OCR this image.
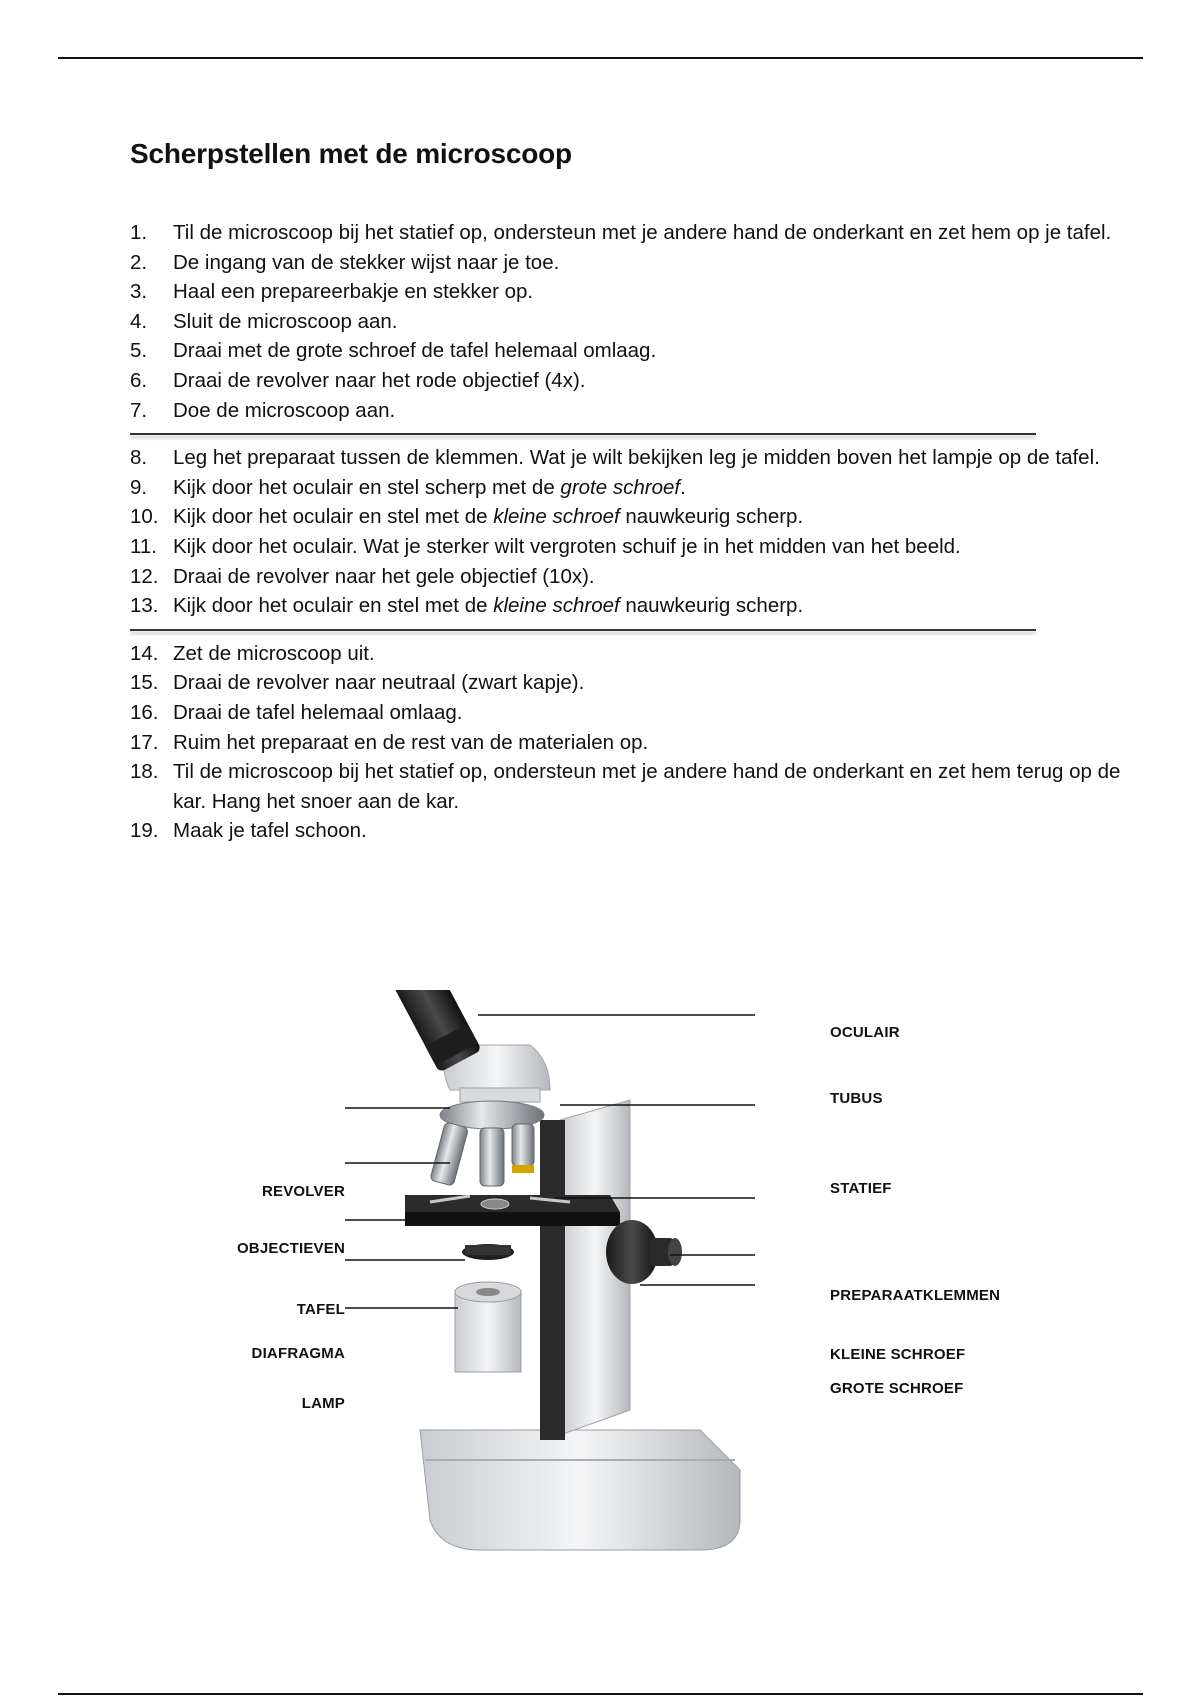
Scherpstellen met de microscoop
1.	Til de microscoop bij het statief op, ondersteun met je andere hand de onderkant en zet hem op je tafel.
2.	De ingang van de stekker wijst naar je toe.
3.	Haal een prepareerbakje en stekker op.
4.	Sluit de microscoop aan.
5.	Draai met de grote schroef de tafel helemaal omlaag.
6.	Draai de revolver naar het rode objectief (4x).
7.	Doe de microscoop aan.
8.	Leg het preparaat tussen de klemmen. Wat je wilt bekijken leg je midden boven het lampje op de tafel.
9.	Kijk door het oculair en stel scherp met de grote schroef.
10. Kijk door het oculair en stel met de kleine schroef nauwkeurig scherp.
11. Kijk door het oculair. Wat je sterker wilt vergroten schuif je in het midden van het beeld.
12. Draai de revolver naar het gele objectief (10x).
13. Kijk door het oculair en stel met de kleine schroef nauwkeurig scherp.
14. Zet de microscoop uit.
15. Draai de revolver naar neutraal (zwart kapje).
16. Draai de tafel helemaal omlaag.
17. Ruim het preparaat en de rest van de materialen op.
18. Til de microscoop bij het statief op, ondersteun met je andere hand de onderkant en zet hem terug op de kar. Hang het snoer aan de kar.
19. Maak je tafel schoon.
OCULAIR
TUBUS
STATIEF
PREPARAATKLEMMEN
KLEINE SCHROEF
GROTE SCHROEF
REVOLVER
OBJECTIEVEN
TAFEL
DIAFRAGMA
LAMP
